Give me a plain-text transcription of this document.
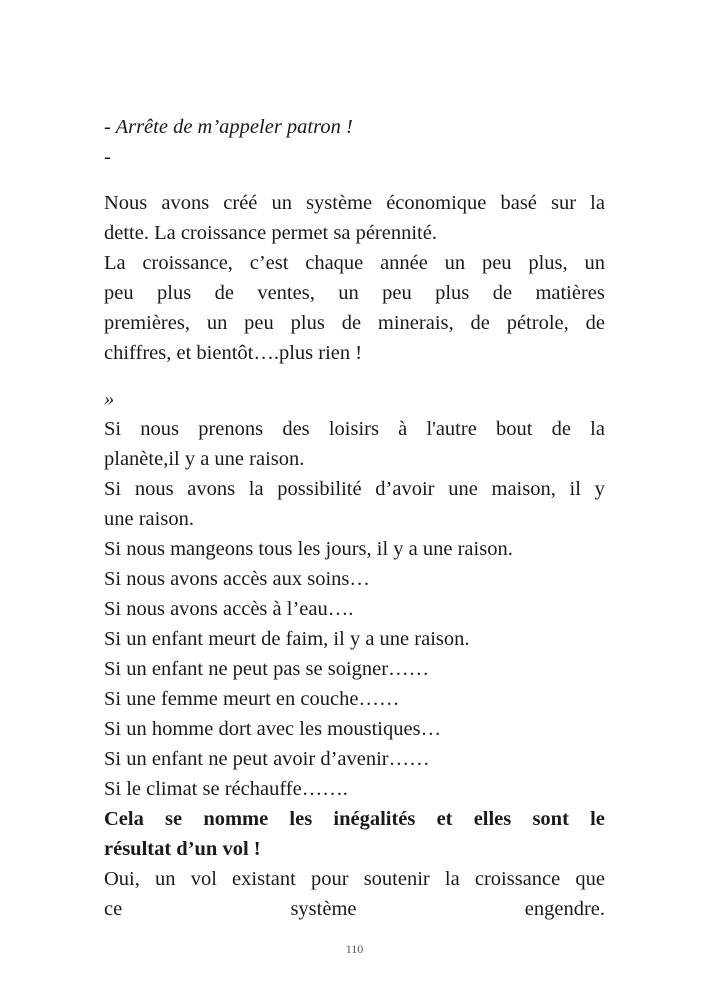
- Arrête de m’appeler patron !
-
Nous avons créé un système économique basé sur la
dette. La croissance permet sa pérennité.
La croissance, c’est chaque année un peu plus, un
peu plus de ventes, un peu plus de matières
premières, un peu plus de minerais, de pétrole, de
chiffres, et bientôt….plus rien !
»
Si nous prenons des loisirs à l'autre bout de la
planète,il y a une raison.
Si nous avons la possibilité d’avoir une maison, il y
une raison.
Si nous mangeons tous les jours, il y a une raison.
Si nous avons accès aux soins…
Si nous avons accès à l’eau….
Si un enfant meurt de faim, il y a une raison.
Si un enfant ne peut pas se soigner……
Si une femme meurt en couche……
Si un homme dort avec les moustiques…
Si un enfant ne peut avoir d’avenir……
Si le climat se réchauffe…….
Cela se nomme les inégalités et elles sont le
résultat d’un vol !
Oui, un vol existant pour soutenir la croissance que
ce	système	engendre.
110
